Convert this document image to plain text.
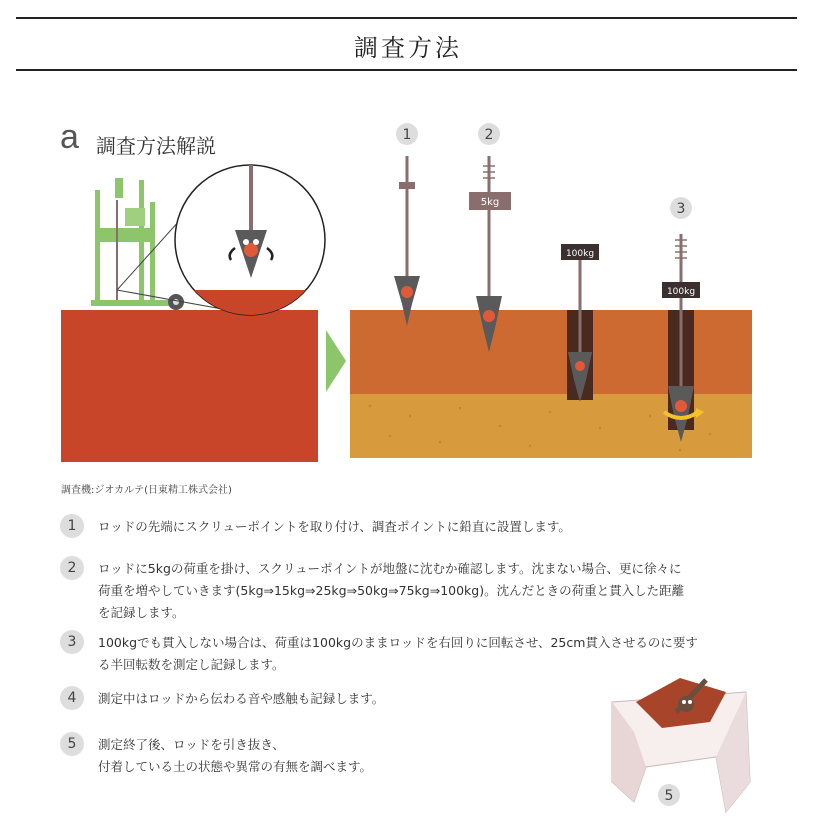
調査方法
a 調査方法解説	1	2
3
5kg
100kg
100kg
調査機:ジオカルテ(日東精工株式会社)
1	ロッドの先端にスクリューポイントを取り付け、調査ポイントに鉛直に設置します。
2	ロッドに5kgの荷重を掛け、スクリューポイントが地盤に沈むか確認します。沈まない場合、更に徐々に
荷重を増やしていきます(5kg⇒15kg⇒25kg⇒50kg⇒75kg⇒100kg)。沈んだときの荷重と貫入した距離
を記録します。
3	100kgでも貫入しない場合は、荷重は100kgのままロッドを右回りに回転させ、25cm貫入させるのに要す
る半回転数を測定し記録します。
4	測定中はロッドから伝わる音や感触も記録します。
5	測定終了後、ロッドを引き抜き、
付着している土の状態や異常の有無を調べます。
5
